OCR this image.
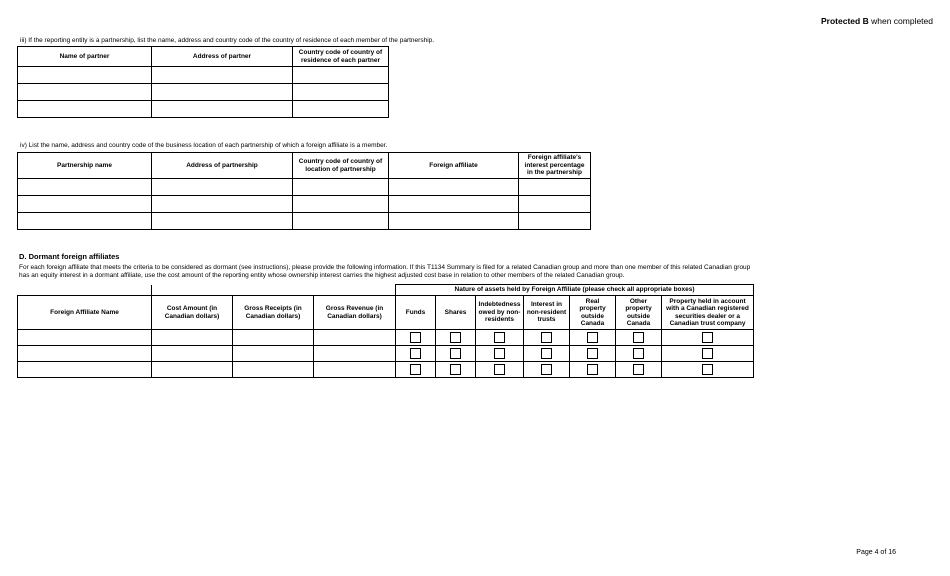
Protected B when completed
iii) If the reporting entity is a partnership, list the name, address and country code of the country of residence of each member of the partnership.
Name of partner	Address of partner	Country code of country of residence of each partner

iv) List the name, address and country code of the business location of each partnership of which a foreign affiliate is a member.
Partnership name	Address of partnership	Country code of country of location of partnership	Foreign affiliate	Foreign affiliate's interest percentage in the partnership

D. Dormant foreign affiliates
For each foreign affiliate that meets the criteria to be considered as dormant (see instructions), please provide the following information. If this T1134 Summary is filed for a related Canadian group and more than one member of this related Canadian group has an equity interest in a dormant affiliate, use the cost amount of the reporting entity whose ownership interest carries the highest adjusted cost base in relation to other members of the related Canadian group.
				Nature of assets held by Foreign Affiliate (please check all appropriate boxes)						
Foreign Affiliate Name	Cost Amount (in Canadian dollars)	Gross Receipts (in Canadian dollars)	Gross Revenue (in Canadian dollars)	Funds	Shares	Indebtedness owed by non-residents	Interest in non-resident trusts	Real property outside Canada	Other property outside Canada	Property held in account with a Canadian registered securities dealer or a Canadian trust company

Page 4 of 16
